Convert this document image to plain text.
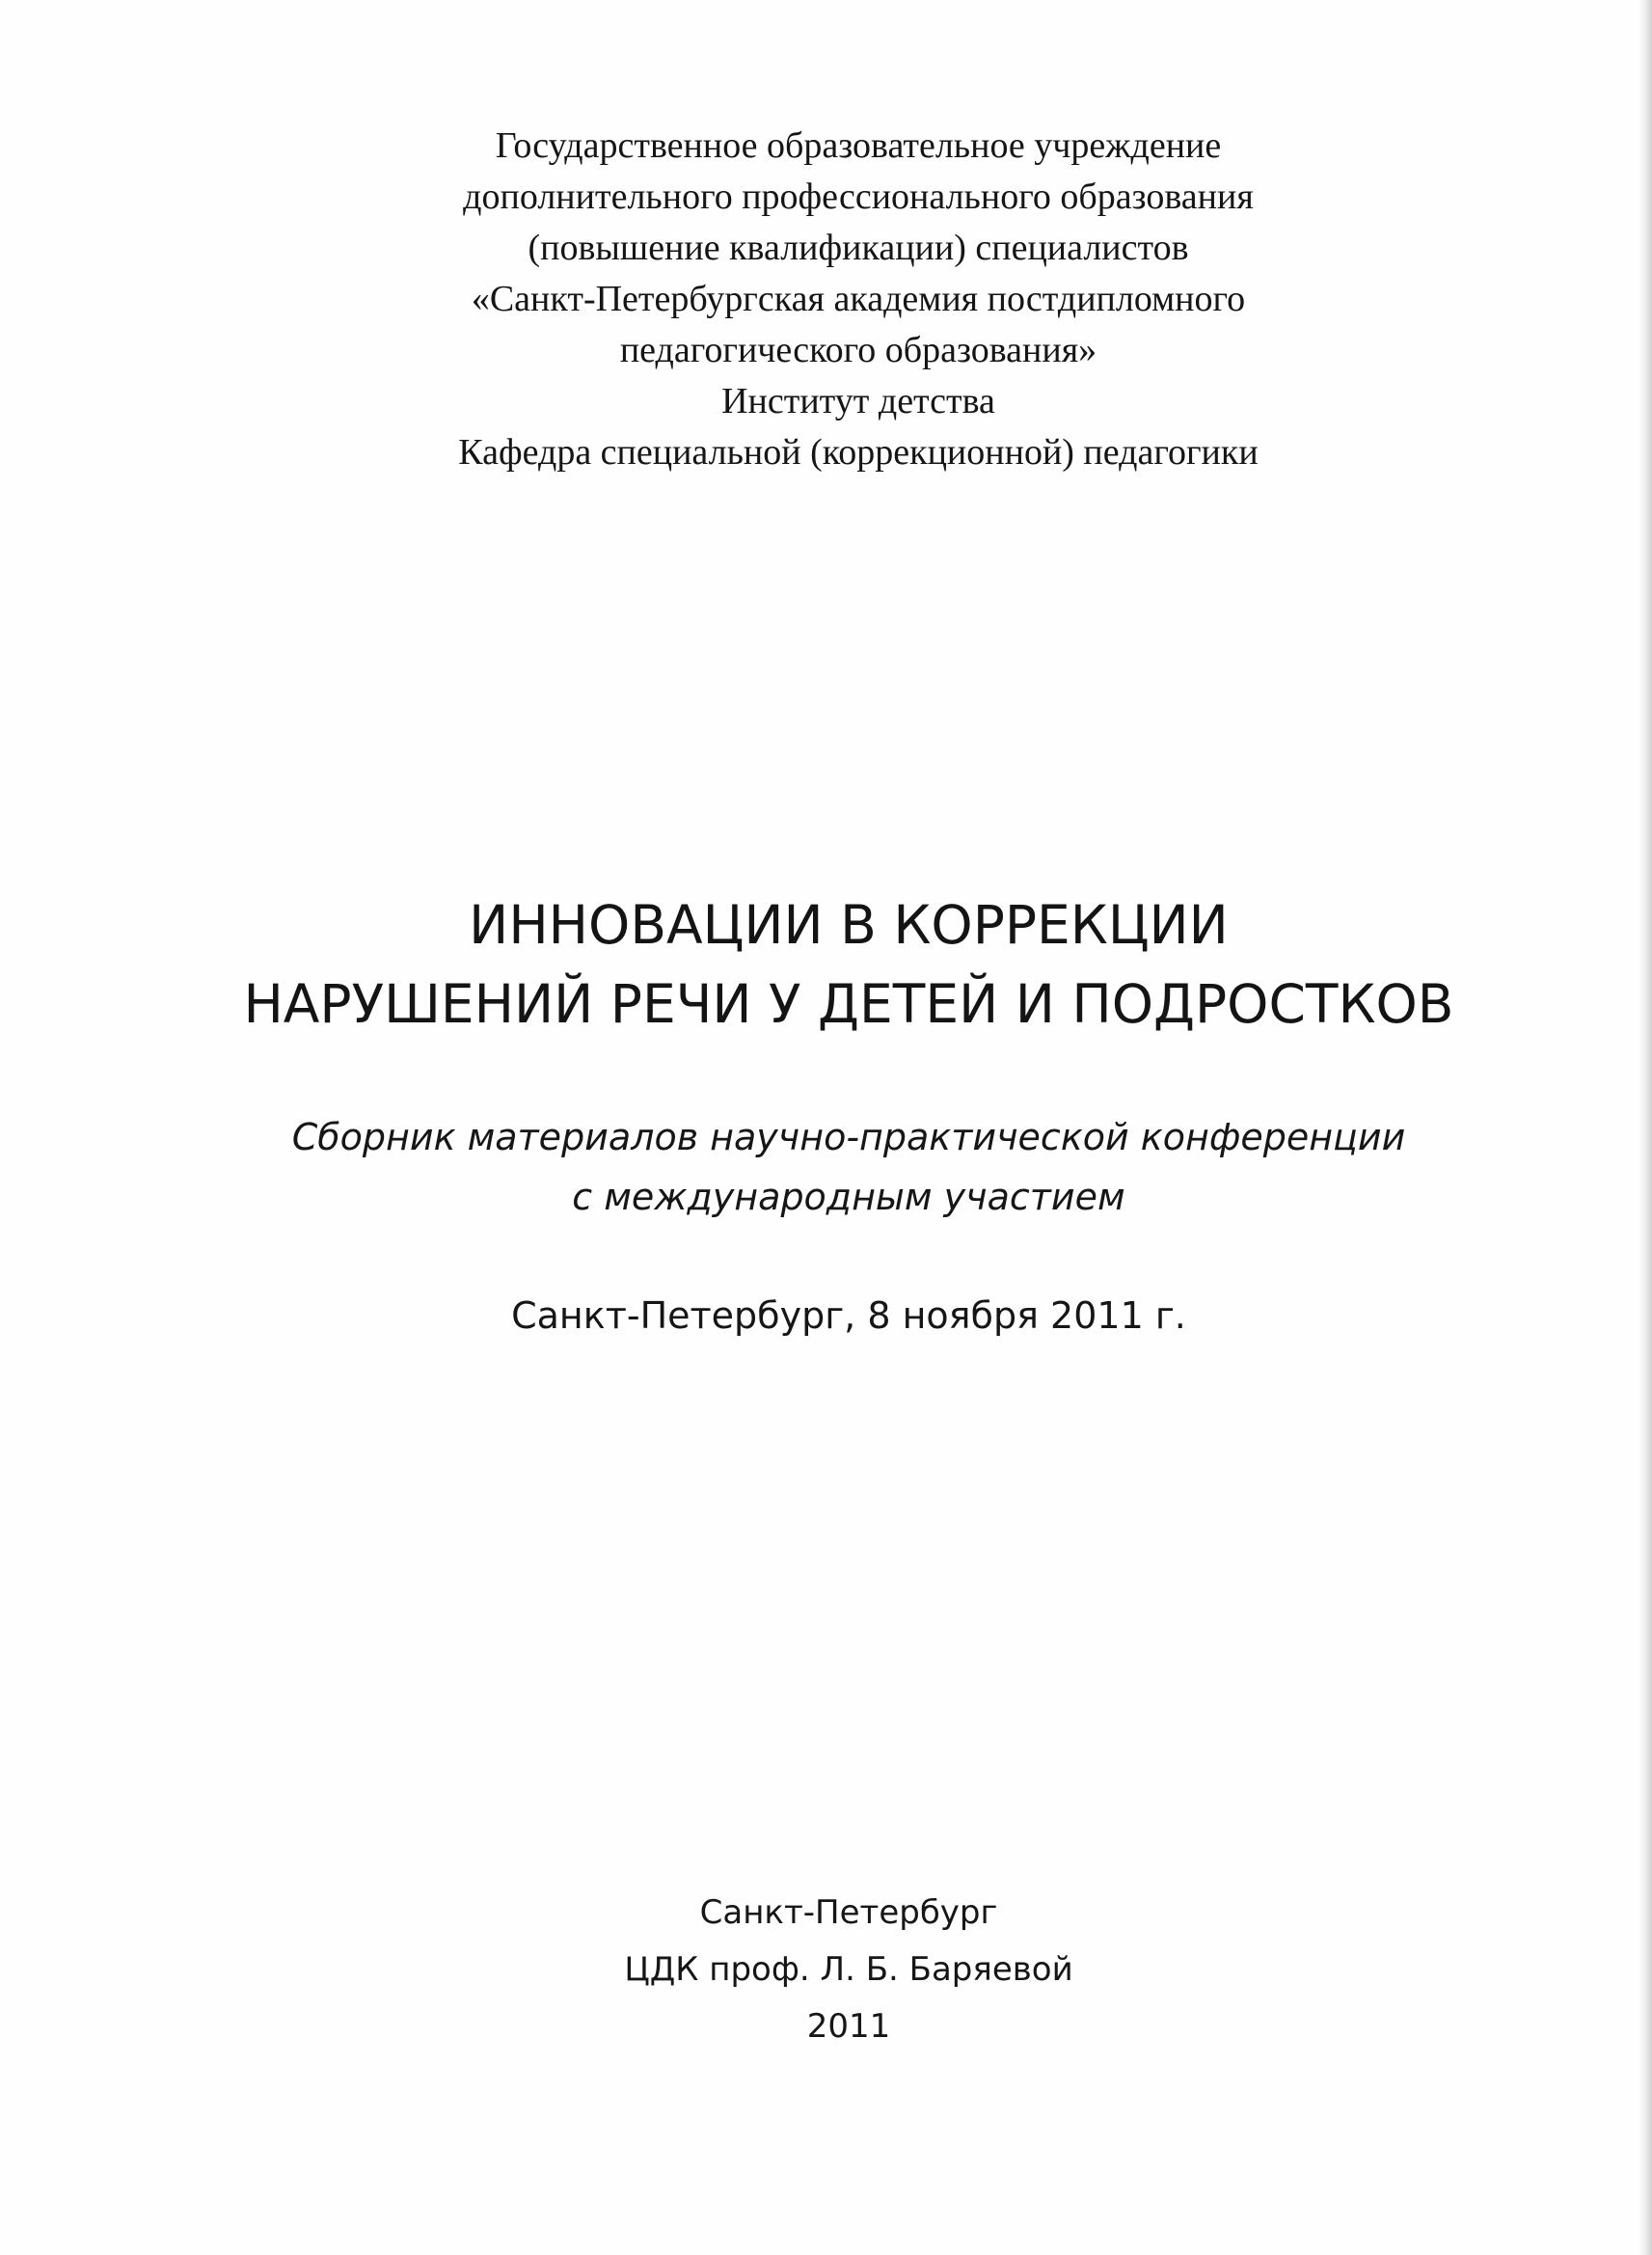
Государственное образовательное учреждение
дополнительного профессионального образования
(повышение квалификации) специалистов
«Санкт-Петербургская академия постдипломного
педагогического образования»
Институт детства
Кафедра специальной (коррекционной) педагогики
ИННОВАЦИИ В КОРРЕКЦИИ
НАРУШЕНИЙ РЕЧИ У ДЕТЕЙ И ПОДРОСТКОВ
Сборник материалов научно-практической конференции
с международным участием
Санкт-Петербург, 8 ноября 2011 г.
Санкт-Петербург
ЦДК проф. Л. Б. Баряевой
2011
